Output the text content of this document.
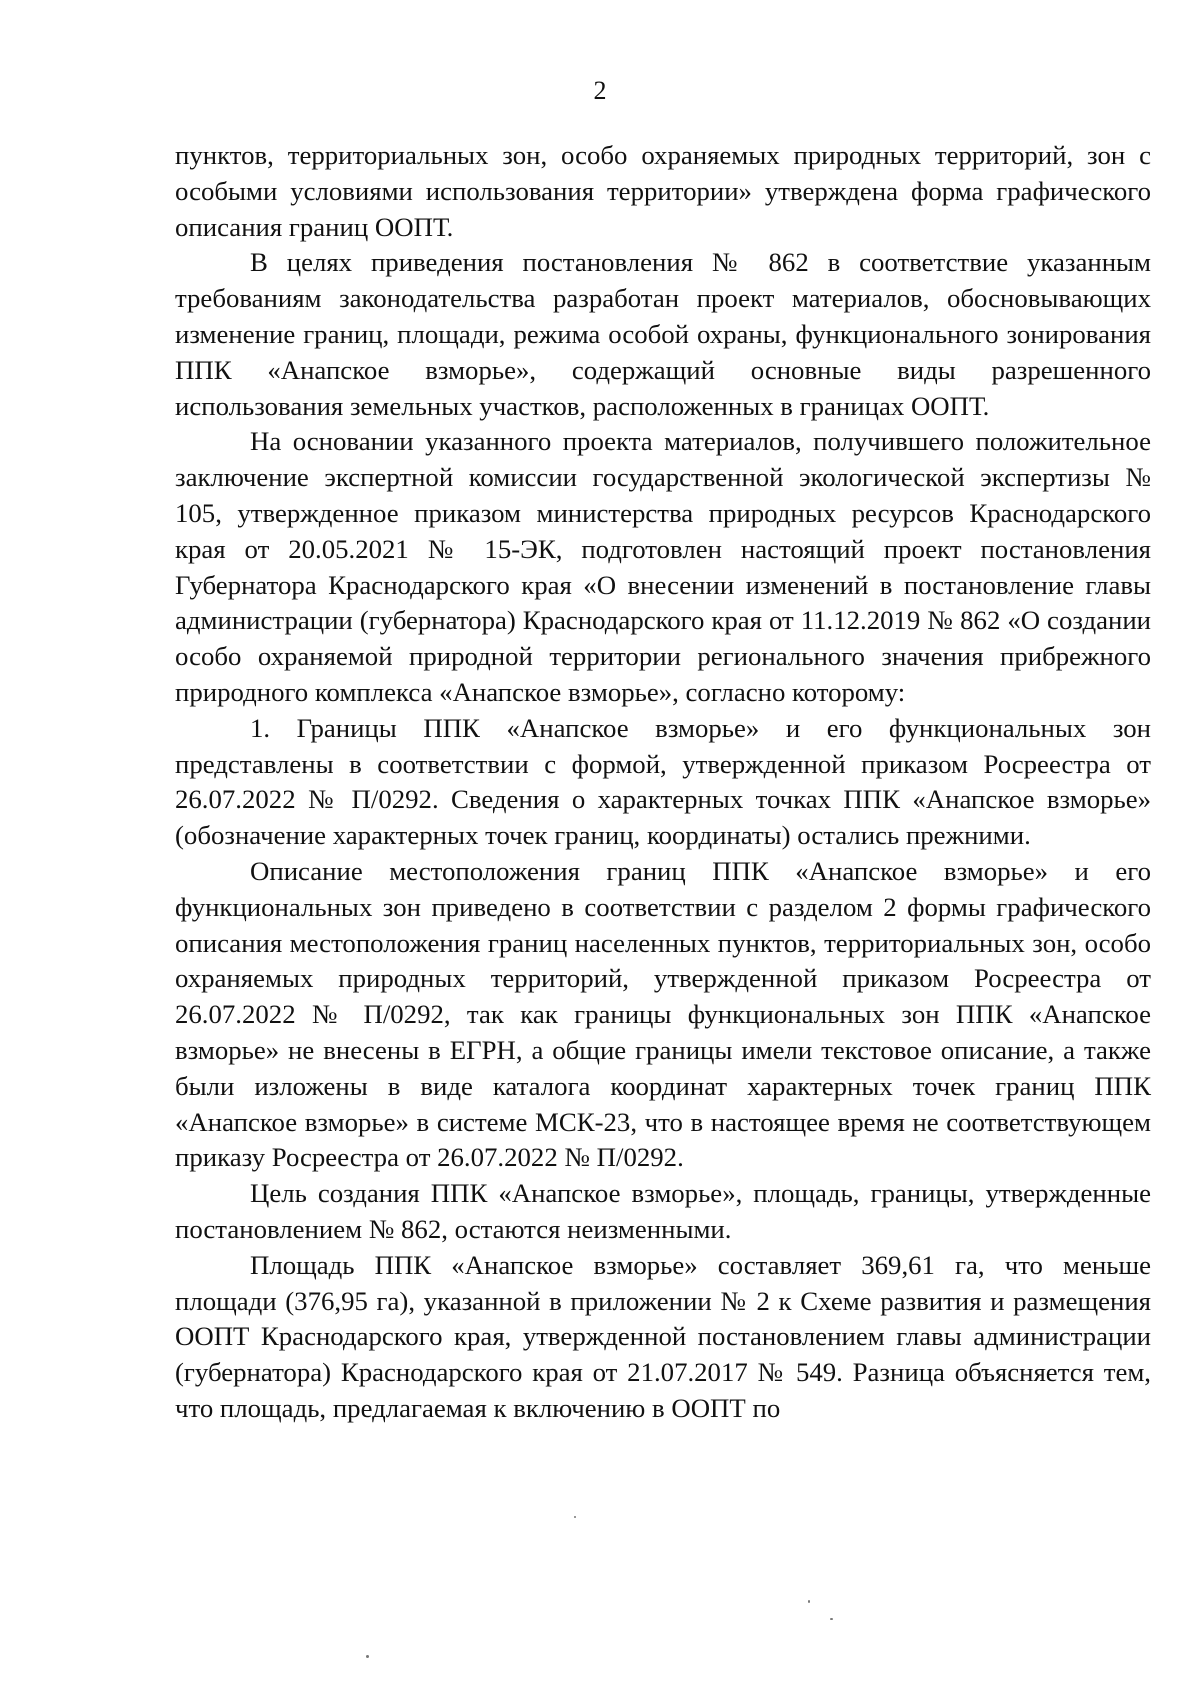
2

пунктов, территориальных зон, особо охраняемых природных территорий, зон с особыми условиями использования территории» утверждена форма графического описания границ ООПТ.

В целях приведения постановления № 862 в соответствие указанным требованиям законодательства разработан проект материалов, обосновывающих изменение границ, площади, режима особой охраны, функционального зонирования ППК «Анапское взморье», содержащий основные виды разрешенного использования земельных участков, расположенных в границах ООПТ.

На основании указанного проекта материалов, получившего положительное заключение экспертной комиссии государственной экологической экспертизы № 105, утвержденное приказом министерства природных ресурсов Краснодарского края от 20.05.2021 № 15-ЭК, подготовлен настоящий проект постановления Губернатора Краснодарского края «О внесении изменений в постановление главы администрации (губернатора) Краснодарского края от 11.12.2019 № 862 «О создании особо охраняемой природной территории регионального значения прибрежного природного комплекса «Анапское взморье», согласно которому:

1. Границы ППК «Анапское взморье» и его функциональных зон представлены в соответствии с формой, утвержденной приказом Росреестра от 26.07.2022 № П/0292. Сведения о характерных точках ППК «Анапское взморье» (обозначение характерных точек границ, координаты) остались прежними.

Описание местоположения границ ППК «Анапское взморье» и его функциональных зон приведено в соответствии с разделом 2 формы графического описания местоположения границ населенных пунктов, территориальных зон, особо охраняемых природных территорий, утвержденной приказом Росреестра от 26.07.2022 № П/0292, так как границы функциональных зон ППК «Анапское взморье» не внесены в ЕГРН, а общие границы имели текстовое описание, а также были изложены в виде каталога координат характерных точек границ ППК «Анапское взморье» в системе МСК-23, что в настоящее время не соответствующем приказу Росреестра от 26.07.2022 № П/0292.

Цель создания ППК «Анапское взморье», площадь, границы, утвержденные постановлением № 862, остаются неизменными.

Площадь ППК «Анапское взморье» составляет 369,61 га, что меньше площади (376,95 га), указанной в приложении № 2 к Схеме развития и размещения ООПТ Краснодарского края, утвержденной постановлением главы администрации (губернатора) Краснодарского края от 21.07.2017 № 549. Разница объясняется тем, что площадь, предлагаемая к включению в ООПТ по
